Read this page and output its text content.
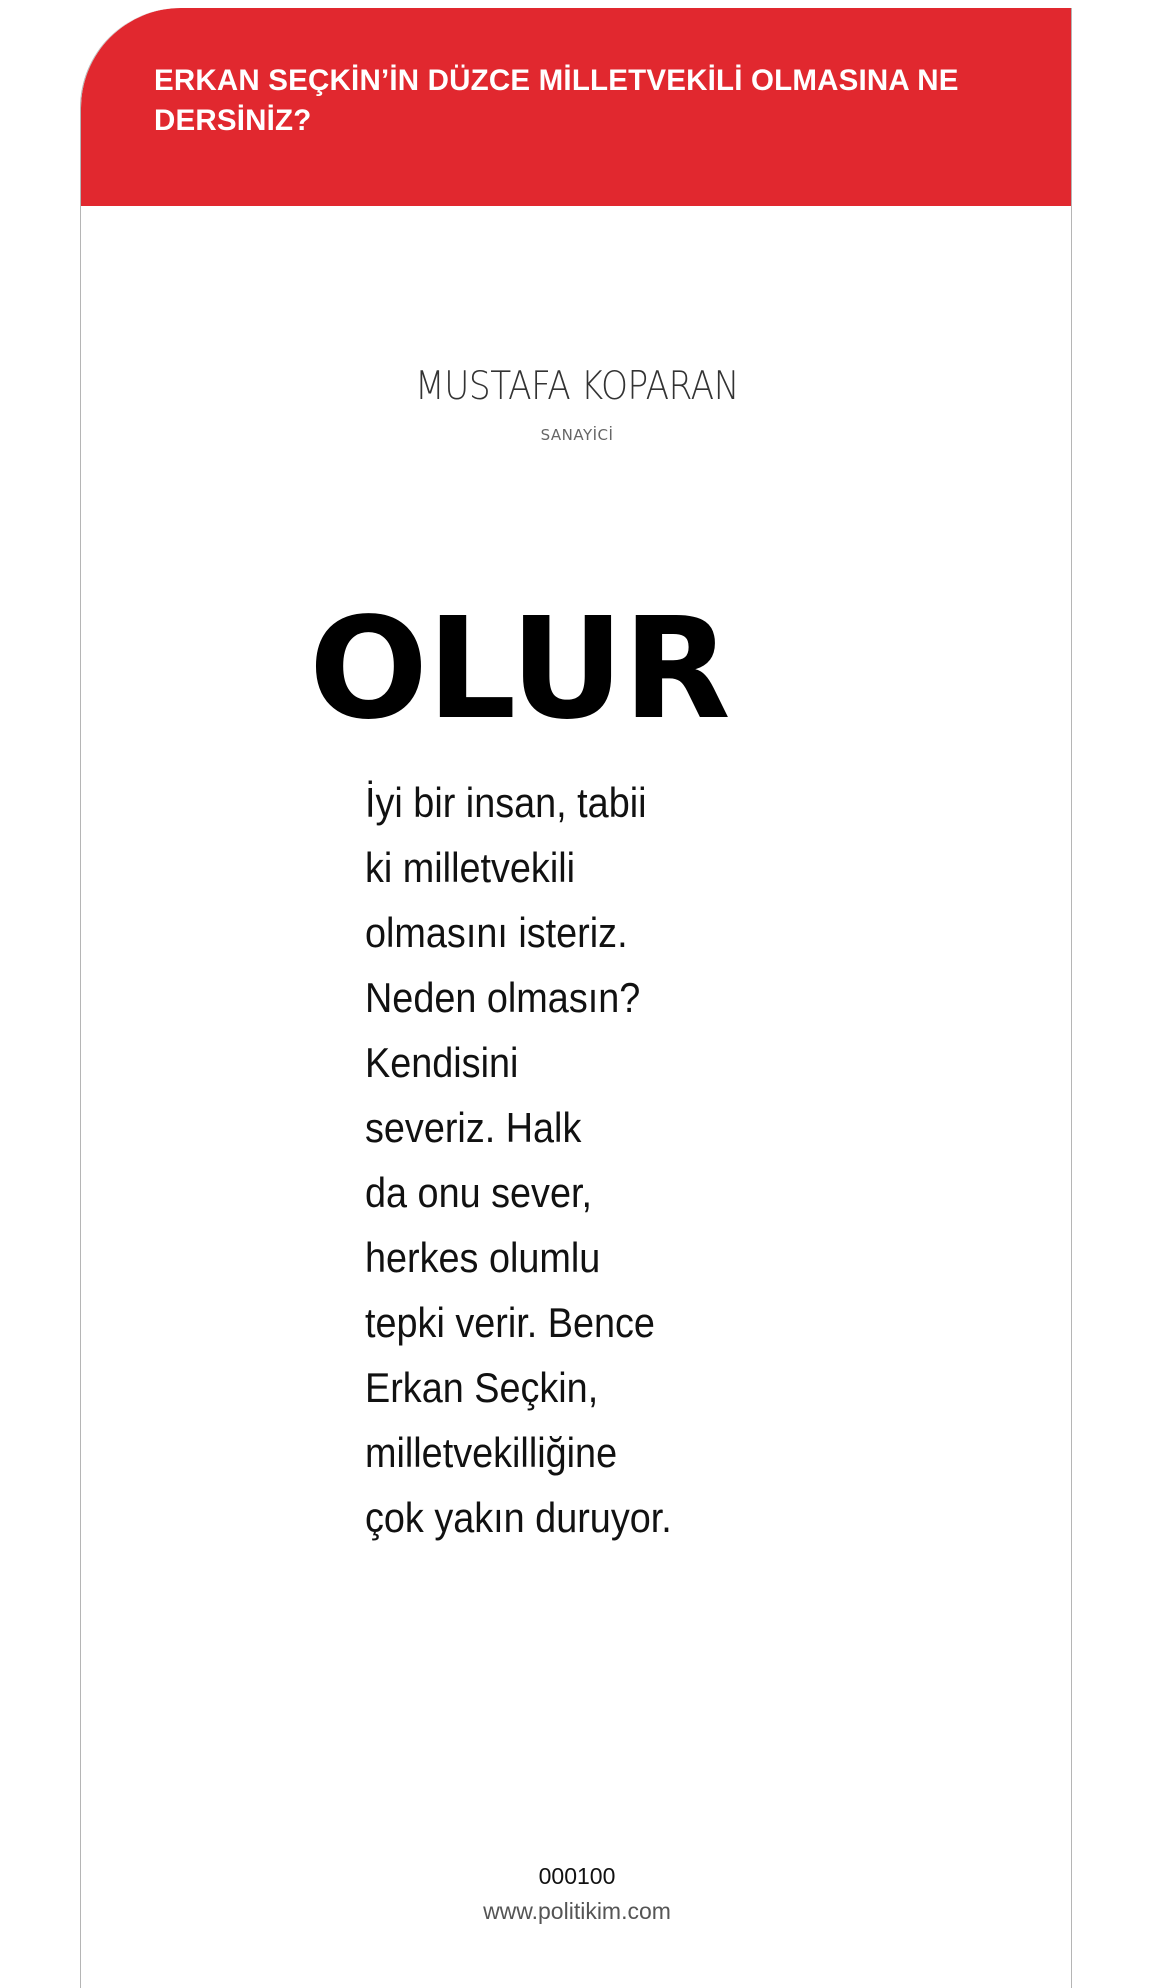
ERKAN SEÇKİN’İN DÜZCE MİLLETVEKİLİ OLMASINA NE DERSİNİZ?
MUSTAFA KOPARAN
SANAYİCİ
OLUR

İyi bir insan, tabii
ki milletvekili
olmasını isteriz.
Neden olmasın?
Kendisini
severiz. Halk
da onu sever,
herkes olumlu
tepki verir. Bence
Erkan Seçkin,
milletvekilliğine
çok yakın duruyor.

000100
www.politikim.com
